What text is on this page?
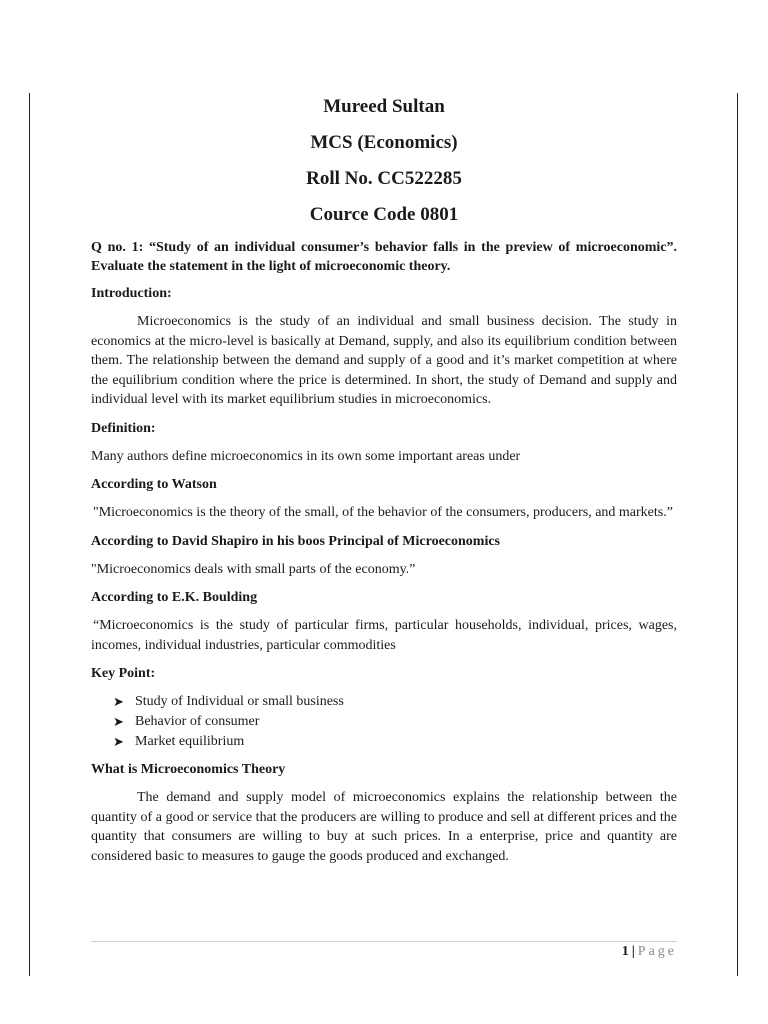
Mureed Sultan
MCS (Economics)
Roll No. CC522285
Cource Code 0801

Q no. 1: “Study of an individual consumer’s behavior falls in the preview of microeconomic”. Evaluate the statement in the light of microeconomic theory.

Introduction:

Microeconomics is the study of an individual and small business decision. The study in economics at the micro-level is basically at Demand, supply, and also its equilibrium condition between them. The relationship between the demand and supply of a good and it’s market competition at where the equilibrium condition where the price is determined. In short, the study of Demand and supply and individual level with its market equilibrium studies in microeconomics.

Definition:

Many authors define microeconomics in its own some important areas under

According to Watson

"Microeconomics is the theory of the small, of the behavior of the consumers, producers, and markets.”

According to David Shapiro in his boos Principal of Microeconomics

"Microeconomics deals with small parts of the economy.”

According to E.K. Boulding

“Microeconomics is the study of particular firms, particular households, individual, prices, wages, incomes, individual industries, particular commodities

Key Point:

➤ Study of Individual or small business
➤ Behavior of consumer
➤ Market equilibrium

What is Microeconomics Theory

The demand and supply model of microeconomics explains the relationship between the quantity of a good or service that the producers are willing to produce and sell at different prices and the quantity that consumers are willing to buy at such prices. In a enterprise, price and quantity are considered basic to measures to gauge the goods produced and exchanged.

1 | Page
